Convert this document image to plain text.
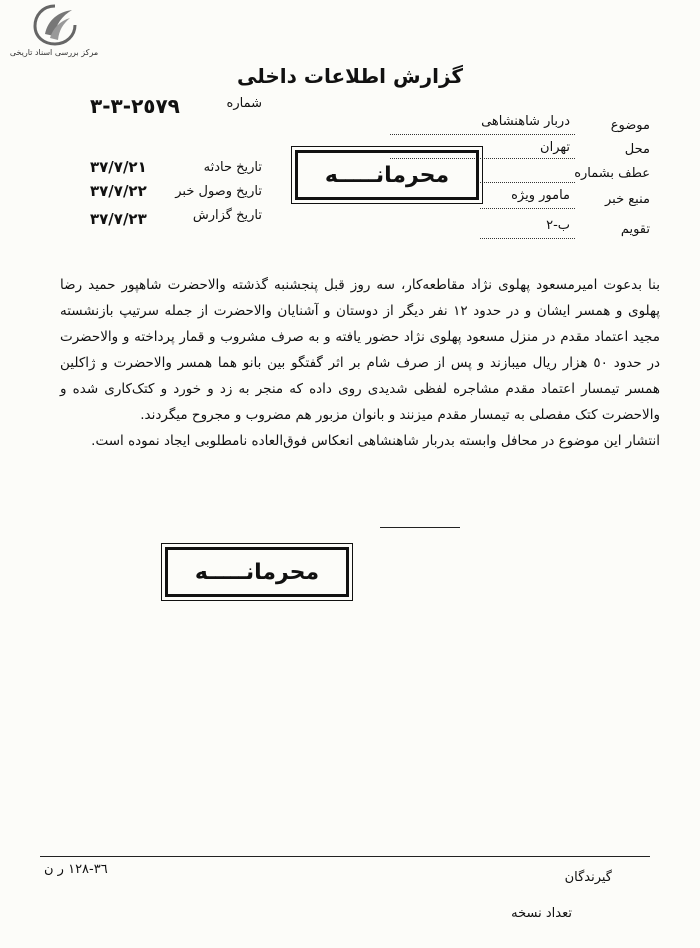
مرکز بررسی اسناد تاریخی
گزارش اطلاعات داخلی
شماره
٢٥٧٩-٣-٣
تاریخ حادثه
٣٧/٧/٢١
تاریخ وصول خبر
٣٧/٧/٢٢
تاریخ گزارش
٣٧/٧/٢٣
موضوع
دربار شاهنشاهی
محل
تهران
عطف بشماره
منبع خبر
مامور ویژه
تقویم
ب-٢
محرمانـــــه
محرمانـــــه

بنا بدعوت امیرمسعود پهلوی نژاد مقاطعه‌کار، سه روز قبل پنجشنبه گذشته والاحضرت شاهپور حمید رضا پهلوی و همسر ایشان و در حدود ١٢ نفر دیگر از دوستان و آشنایان والاحضرت از جمله سرتیپ بازنشسته مجید اعتماد مقدم در منزل مسعود پهلوی نژاد حضور یافته و به صرف مشروب و قمار پرداخته و والاحضرت در حدود ٥٠ هزار ریال میبازند و پس از صرف شام بر اثر گفتگو بین بانو هما همسر والاحضرت و ژاکلین همسر تیمسار اعتماد مقدم مشاجره لفظی شدیدی روی داده که منجر به زد و خورد و کتک‌کاری شده و والاحضرت کتک مفصلی به تیمسار مقدم میزنند و بانوان مزبور هم مضروب و مجروح میگردند.

انتشار این موضوع در محافل وابسته بدربار شاهنشاهی انعکاس فوق‌العاده نامطلوبی ایجاد نموده است.

٣٦-١٢٨ ر ن
گیرندگان
تعداد نسخه
